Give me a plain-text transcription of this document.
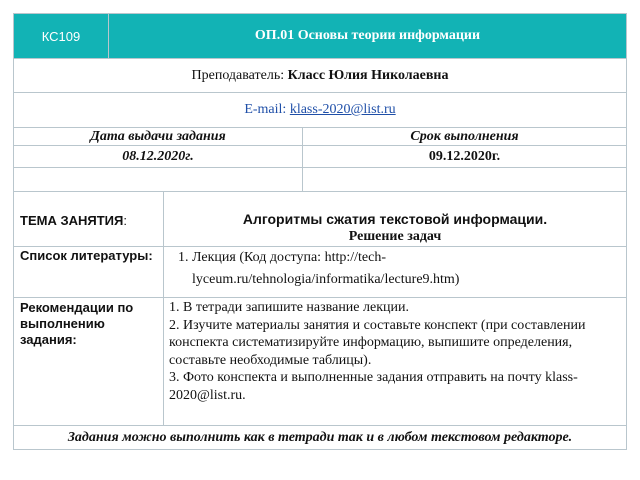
КС109	ОП.01 Основы теории информации
Преподаватель:
Класс Юлия Николаевна
E-mail:
klass-2020@list.ru
Дата выдачи задания	Срок выполнения
08.12.2020г.	09.12.2020г.
ТЕМА ЗАНЯТИЯ:	Алгоритмы сжатия текстовой информации.
Решение задач
Список литературы:
1.	Лекция (Код доступа: http://tech-lyceum.ru/tehnologia/informatika/lecture9.htm)
Рекомендации по выполнению задания:
1. В тетради запишите название лекции.
2. Изучите материалы занятия и составьте конспект (при составлении конспекта систематизируйте информацию, выпишите определения, составьте необходимые таблицы).
3. Фото конспекта и выполненные задания отправить на почту klass-2020@list.ru.
Задания можно выполнить как в тетради так и в любом текстовом редакторе.
